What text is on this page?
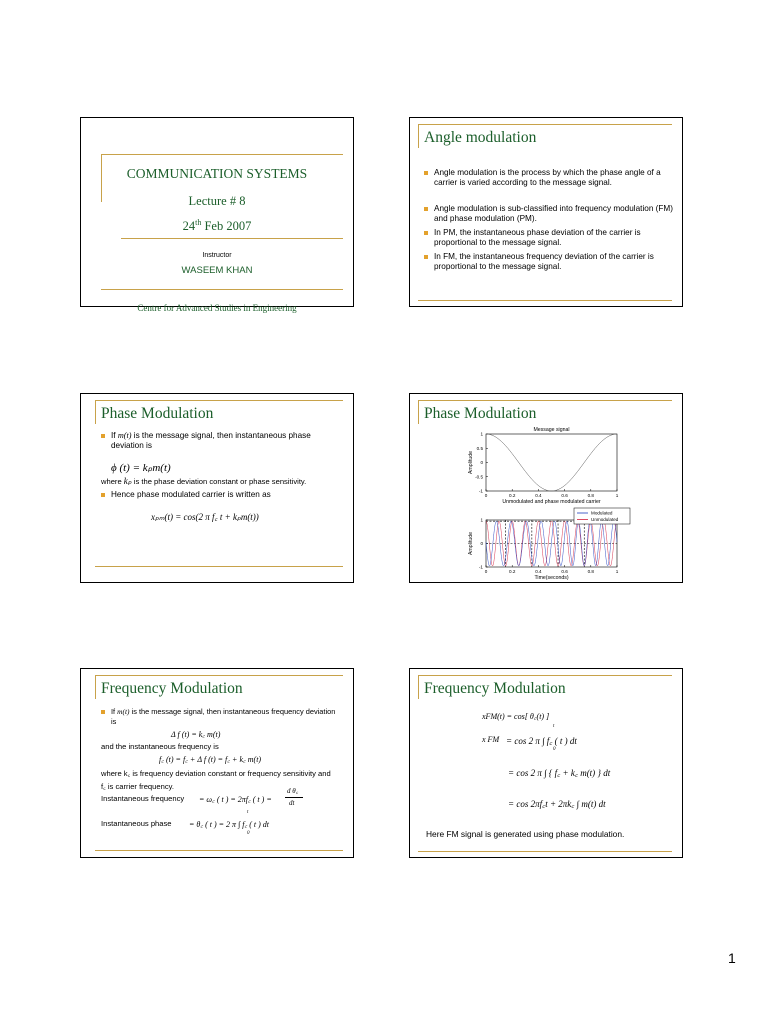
COMMUNICATION SYSTEMS
Lecture # 8
24th Feb 2007
Instructor
WASEEM KHAN
Centre for Advanced Studies in Engineering
Angle modulation
Angle modulation is the process by which the phase angle of a carrier is varied according to the message signal.
Angle modulation is sub-classified into frequency modulation (FM) and phase modulation (PM).
In PM, the instantaneous phase deviation of the carrier is proportional to the message signal.
In FM, the instantaneous frequency deviation of the carrier is proportional to the message signal.
Phase Modulation
If m(t) is the message signal, then instantaneous phase deviation is
ϕ (t) = kₚm(t)
where kₚ is the phase deviation constant or phase sensitivity.
Hence phase modulated carrier is written as
xₚₘ(t) = cos(2 π f꜀ t + kₚm(t))
Phase Modulation
0	0.2	0.4	0.6	0.8	1
1
0.5
0
-0.5
-1
Message signal
Unmodulated and phase modulated carrier
Amplitude
0	0.2	0.4	0.6	0.8	1
1
0
-1
Time(seconds)
Amplitude
Modulated
Unmodulated
Frequency Modulation
If m(t) is the message signal, then instantaneous frequency deviation is
Δ f (t) = k꜀ m(t)
and the instantaneous frequency is
f꜀ (t) = f꜀ + Δ f (t) = f꜀ + k꜀ m(t)
where k꜀ is frequency deviation constant or frequency sensitivity and
f꜀ is carrier frequency.
Instantaneous frequency = ω꜀ ( t ) = 2πf꜀ ( t ) =
d θ꜀
dt
Instantaneous phase = θ꜀ ( t ) = 2 π ∫ f꜀ ( t ) dt
t
0
Frequency Modulation
xFM(t) = cos[ θ꜀(t) ]
x FM = cos 2 π ∫ f꜀ ( t ) dt
= cos 2 π ∫ { f꜀ + k꜀ m(t) } dt
= cos 2πf꜀t + 2πk꜀ ∫ m(t) dt
t
0
Here FM signal is generated using phase modulation.
1
